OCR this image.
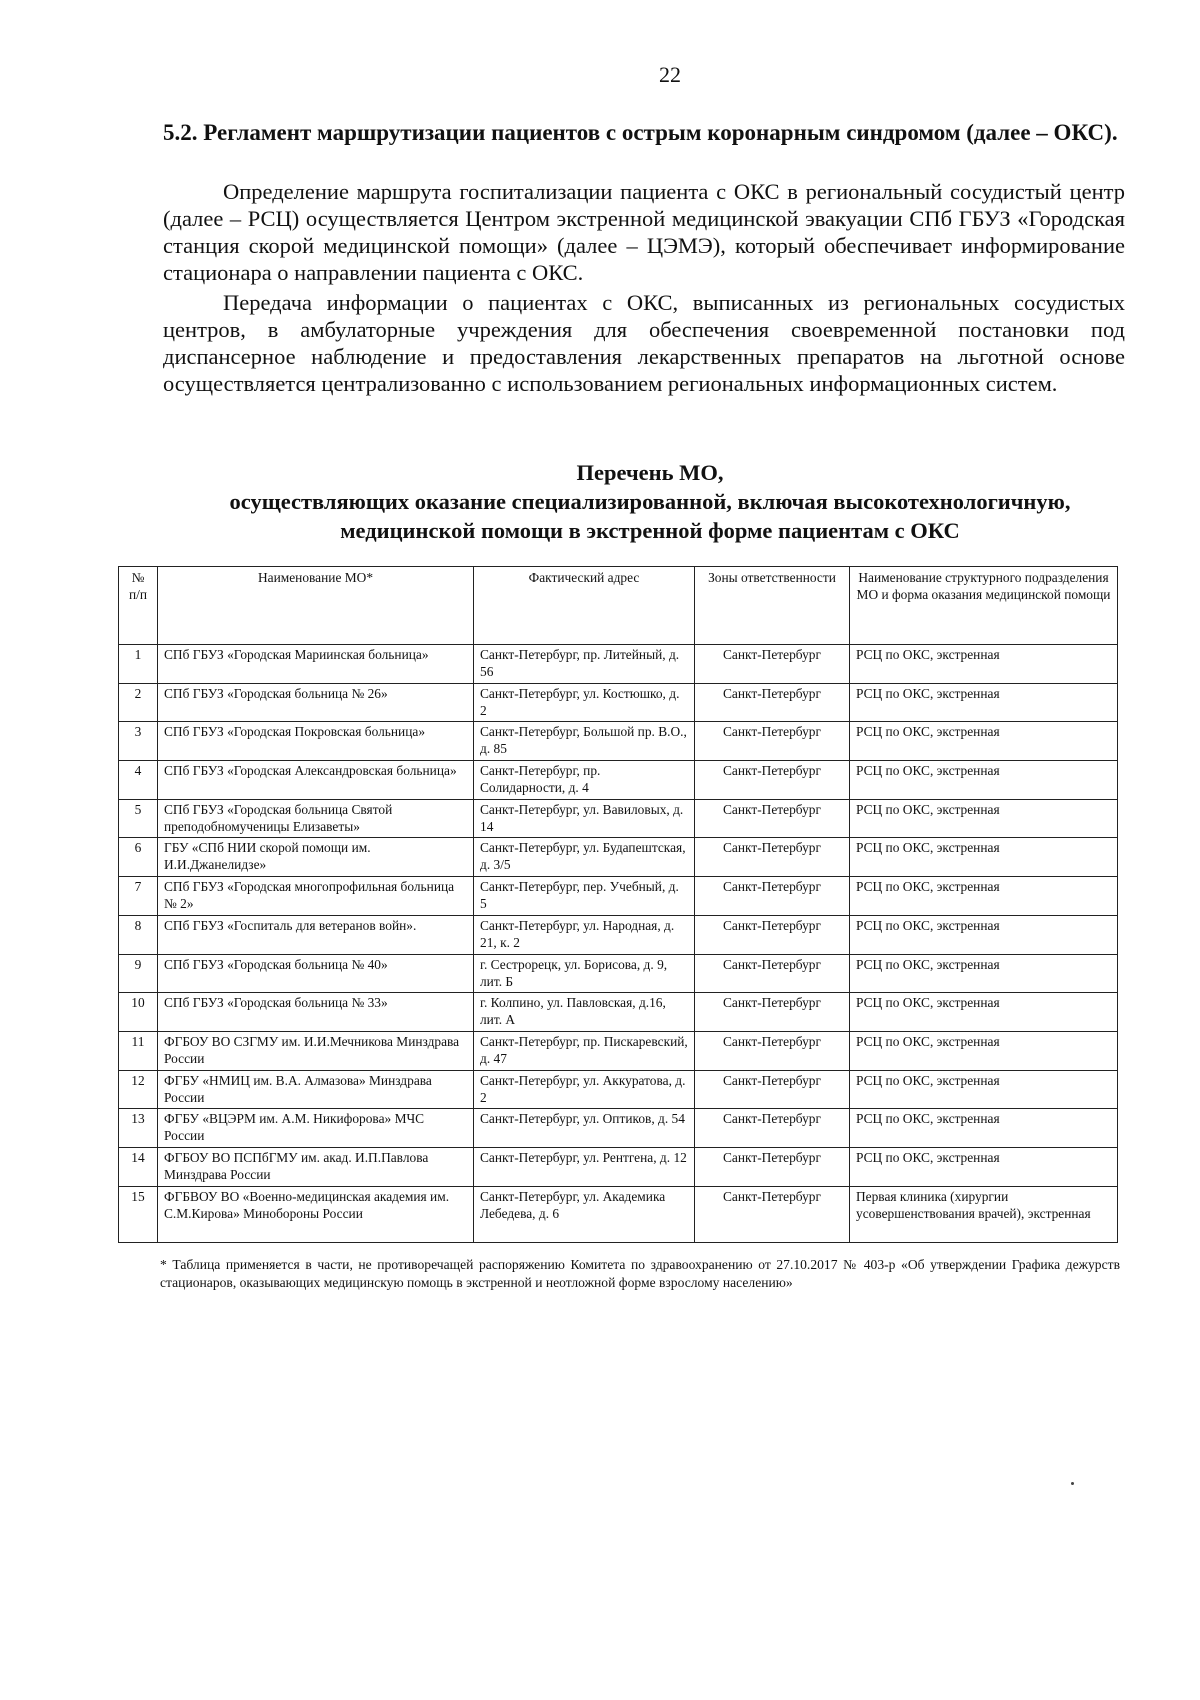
22
5.2. Регламент маршрутизации пациентов с острым коронарным синдромом (далее – ОКС).
Определение маршрута госпитализации пациента с ОКС в региональный сосудистый центр (далее – РСЦ) осуществляется Центром экстренной медицинской эвакуации СПб ГБУЗ «Городская станция скорой медицинской помощи» (далее – ЦЭМЭ), который обеспечивает информирование стационара о направлении пациента с ОКС.
Передача информации о пациентах с ОКС, выписанных из региональных сосудистых центров, в амбулаторные учреждения для обеспечения своевременной постановки под диспансерное наблюдение и предоставления лекарственных препаратов на льготной основе осуществляется централизованно с использованием региональных информационных систем.
Перечень МО,
осуществляющих оказание специализированной, включая высокотехнологичную,
медицинской помощи в экстренной форме пациентам с ОКС
№ п/п	Наименование МО*	Фактический адрес	Зоны ответственности	Наименование структурного подразделения МО и форма оказания медицинской помощи
1	СПб ГБУЗ «Городская Мариинская больница»	Санкт-Петербург, пр. Литейный, д. 56	Санкт-Петербург	РСЦ по ОКС, экстренная
2	СПб ГБУЗ «Городская больница № 26»	Санкт-Петербург, ул. Костюшко, д. 2	Санкт-Петербург	РСЦ по ОКС, экстренная
3	СПб ГБУЗ «Городская Покровская больница»	Санкт-Петербург, Большой пр. В.О., д. 85	Санкт-Петербург	РСЦ по ОКС, экстренная
4	СПб ГБУЗ «Городская Александровская больница»	Санкт-Петербург, пр. Солидарности, д. 4	Санкт-Петербург	РСЦ по ОКС, экстренная
5	СПб ГБУЗ «Городская больница Святой преподобномученицы Елизаветы»	Санкт-Петербург, ул. Вавиловых, д. 14	Санкт-Петербург	РСЦ по ОКС, экстренная
6	ГБУ «СПб НИИ скорой помощи им. И.И.Джанелидзе»	Санкт-Петербург, ул. Будапештская, д. 3/5	Санкт-Петербург	РСЦ по ОКС, экстренная
7	СПб ГБУЗ «Городская многопрофильная больница № 2»	Санкт-Петербург, пер. Учебный, д. 5	Санкт-Петербург	РСЦ по ОКС, экстренная
8	СПб ГБУЗ «Госпиталь для ветеранов войн».	Санкт-Петербург, ул. Народная, д. 21, к. 2	Санкт-Петербург	РСЦ по ОКС, экстренная
9	СПб ГБУЗ «Городская больница № 40»	г. Сестрорецк, ул. Борисова, д. 9, лит. Б	Санкт-Петербург	РСЦ по ОКС, экстренная
10	СПб ГБУЗ «Городская больница № 33»	г. Колпино, ул. Павловская, д.16, лит. А	Санкт-Петербург	РСЦ по ОКС, экстренная
11	ФГБОУ ВО СЗГМУ им. И.И.Мечникова Минздрава России	Санкт-Петербург, пр. Пискаревский, д. 47	Санкт-Петербург	РСЦ по ОКС, экстренная
12	ФГБУ «НМИЦ им. В.А. Алмазова» Минздрава России	Санкт-Петербург, ул. Аккуратова, д. 2	Санкт-Петербург	РСЦ по ОКС, экстренная
13	ФГБУ «ВЦЭРМ им. А.М. Никифорова» МЧС России	Санкт-Петербург, ул. Оптиков, д. 54	Санкт-Петербург	РСЦ по ОКС, экстренная
14	ФГБОУ ВО ПСПбГМУ им. акад. И.П.Павлова Минздрава России	Санкт-Петербург, ул. Рентгена, д. 12	Санкт-Петербург	РСЦ по ОКС, экстренная
15	ФГБВОУ ВО «Военно-медицинская академия им. С.М.Кирова» Минобороны России	Санкт-Петербург, ул. Академика Лебедева, д. 6	Санкт-Петербург	Первая клиника (хирургии усовершенствования врачей), экстренная
* Таблица применяется в части, не противоречащей распоряжению Комитета по здравоохранению от 27.10.2017 № 403-р «Об утверждении Графика дежурств стационаров, оказывающих медицинскую помощь в экстренной и неотложной форме взрослому населению»
